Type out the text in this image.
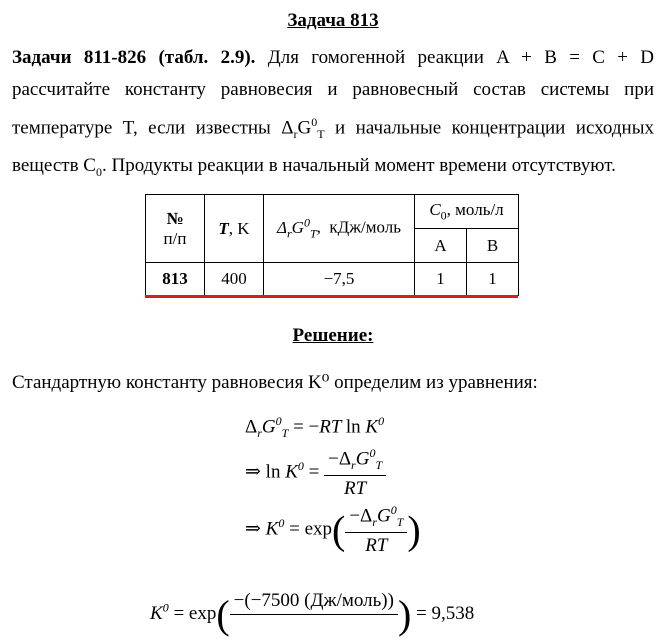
Задача 813
Задачи 811-826 (табл. 2.9). Для гомогенной реакции A + B = C + D рассчитайте константу равновесия и равновесный состав системы при температуре T, если известны $\Delta_rG^0_T$ и начальные концентрации исходных веществ $C_0$. Продукты реакции в начальный момент времени отсутствуют.
№
п/п	T, K	$\Delta_rG^0_T$,  кДж/моль	$C_0$, моль/л	
			A	B
813	400	−7,5	1	1
Решение:
Стандартную константу равновесия K⁰ определим из уравнения:
$\Delta_rG^0_T = -RT$ $\ln K^0$
⇒ $\ln K^0 = \frac{-\Delta_rG^0_T}{RT}$
⇒ $K^0 = \exp( \frac{-\Delta_rG^0_T}{RT}$ )
$K^0 = \exp( -(-7500$ (Дж/моль))
) = 9,538
